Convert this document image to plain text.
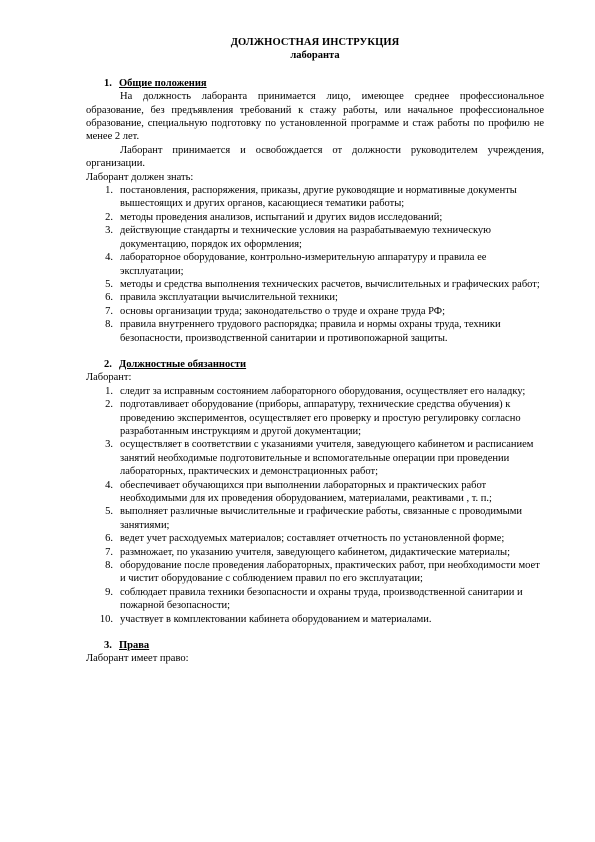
ДОЛЖНОСТНАЯ ИНСТРУКЦИЯ
лаборанта
1. Общие положения
На должность лаборанта принимается лицо, имеющее среднее профессиональное образование, без предъявления требований к стажу работы, или начальное профессиональное образование, специальную подготовку по установленной программе и стаж работы по профилю не менее 2 лет.
Лаборант принимается и освобождается от должности руководителем учреждения, организации.
Лаборант должен знать:
1. постановления, распоряжения, приказы, другие руководящие и нормативные документы вышестоящих и других органов, касающиеся тематики работы;
2. методы проведения анализов, испытаний и других видов исследований;
3. действующие стандарты и технические условия на разрабатываемую техническую документацию, порядок их оформления;
4. лабораторное оборудование, контрольно-измерительную аппаратуру и правила ее эксплуатации;
5. методы и средства выполнения технических расчетов, вычислительных и графических работ;
6. правила эксплуатации вычислительной техники;
7. основы организации труда; законодательство о труде и охране труда РФ;
8. правила внутреннего трудового распорядка; правила и нормы охраны труда, техники безопасности, производственной санитарии и противопожарной защиты.
2. Должностные обязанности
Лаборант:
1. следит за исправным состоянием лабораторного оборудования, осуществляет его наладку;
2. подготавливает оборудование (приборы, аппаратуру, технические средства обучения) к проведению экспериментов, осуществляет его проверку и простую регулировку согласно разработанным инструкциям и другой документации;
3. осуществляет в соответствии с указаниями учителя, заведующего кабинетом и расписанием занятий необходимые подготовительные и вспомогательные операции при проведении лабораторных, практических и демонстрационных работ;
4. обеспечивает обучающихся при выполнении лабораторных и практических работ необходимыми для их проведения оборудованием, материалами, реактивами , т. п.;
5. выполняет различные вычислительные и графические работы, связанные с проводимыми занятиями;
6. ведет учет расходуемых материалов; составляет отчетность по установленной форме;
7. размножает, по указанию учителя, заведующего кабинетом, дидактические материалы;
8. оборудование после проведения лабораторных, практических работ, при необходимости моет и чистит оборудование с соблюдением правил по его эксплуатации;
9. соблюдает правила техники безопасности и охраны труда, производственной санитарии и пожарной безопасности;
10. участвует в комплектовании кабинета оборудованием и материалами.
3. Права
Лаборант имеет право:
